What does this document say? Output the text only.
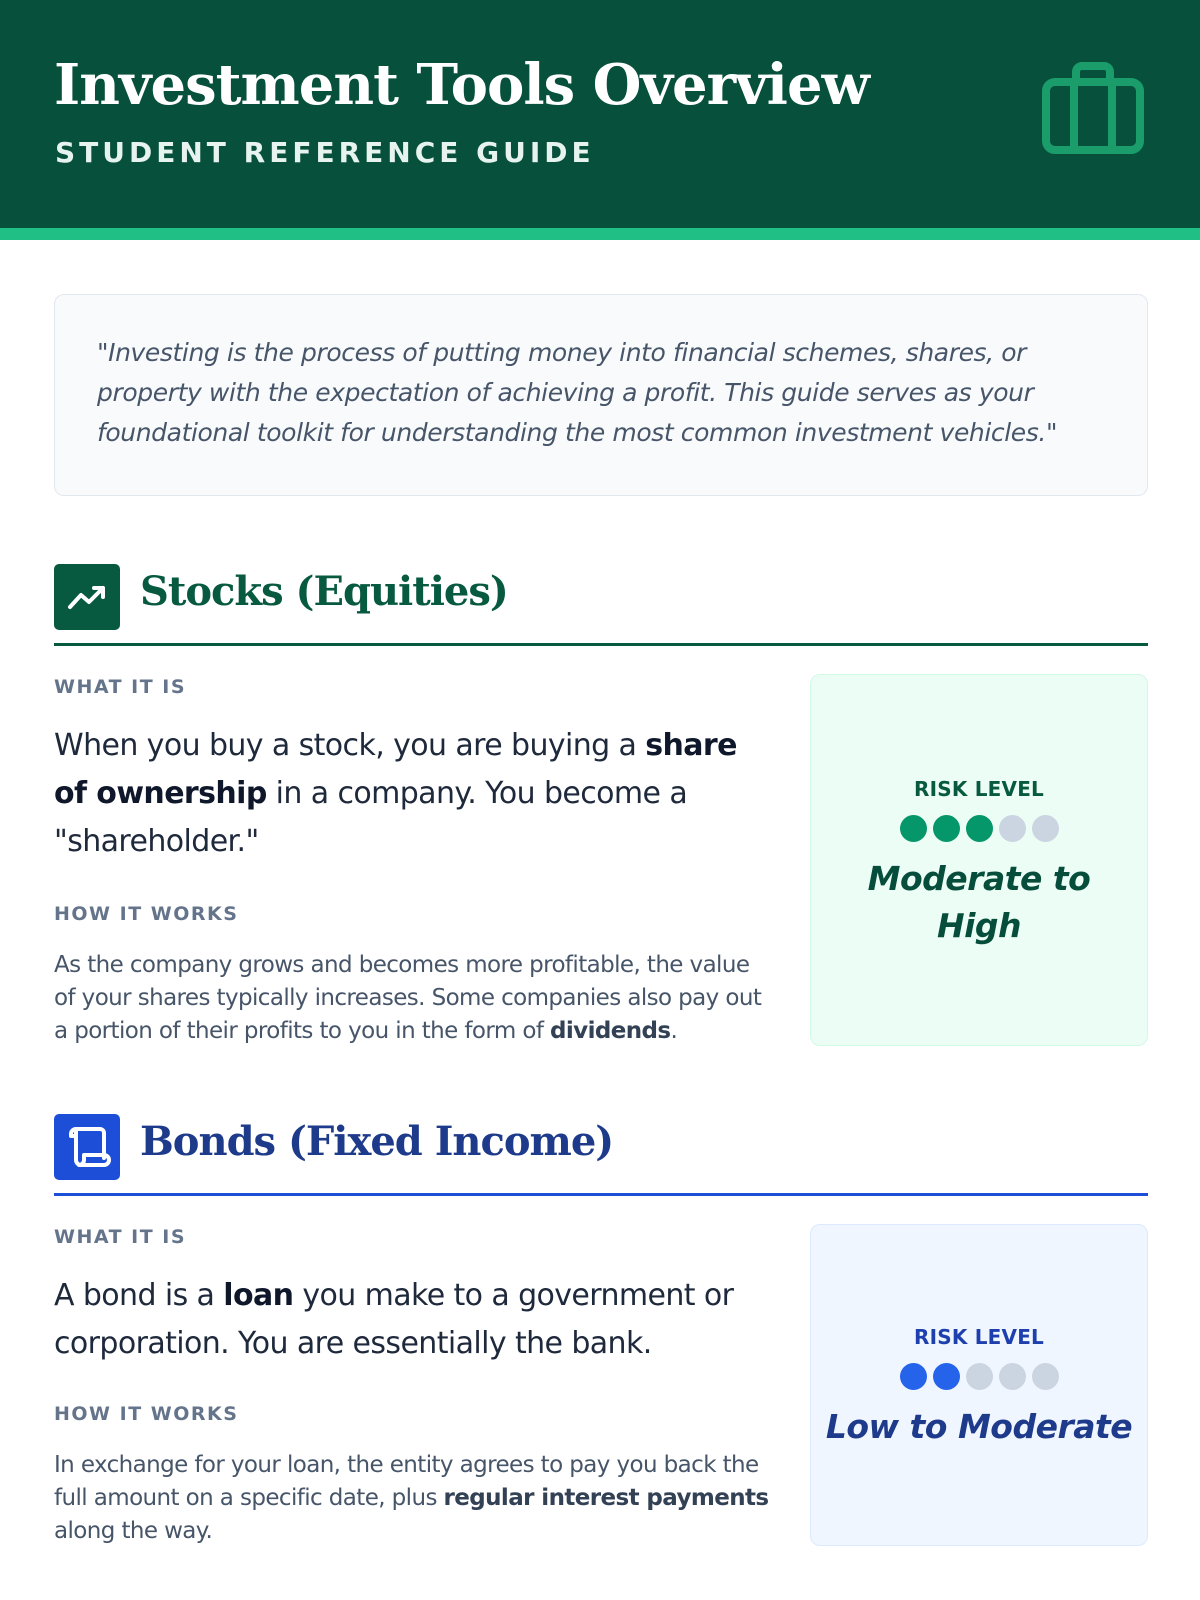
Investment Tools Overview
STUDENT REFERENCE GUIDE

"Investing is the process of putting money into financial schemes, shares, or property with the expectation of achieving a profit. This guide serves as your foundational toolkit for understanding the most common investment vehicles."

Stocks (Equities)
WHAT IT IS

When you buy a stock, you are buying a share of ownership in a company. You become a "shareholder."

HOW IT WORKS

As the company grows and becomes more profitable, the value of your shares typically increases. Some companies also pay out a portion of their profits to you in the form of dividends.

RISK LEVEL
Moderate to High
Bonds (Fixed Income)
WHAT IT IS

A bond is a loan you make to a government or corporation. You are essentially the bank.

HOW IT WORKS

In exchange for your loan, the entity agrees to pay you back the full amount on a specific date, plus regular interest payments along the way.

RISK LEVEL
Low to Moderate
